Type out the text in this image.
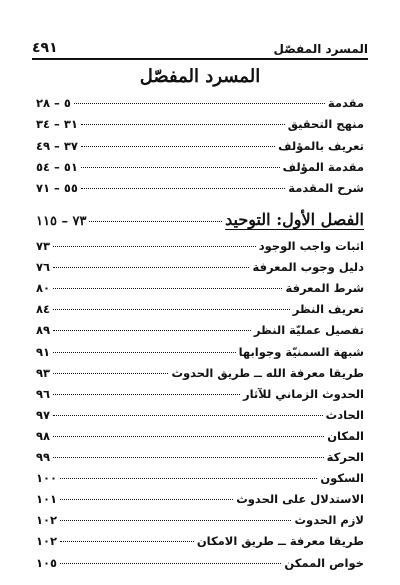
٤٩١	المسرد المفصّل
المسرد المفصّل
مقدمة
٥ – ٢٨
منهج التحقيق
٣١ – ٣٤
تعريف بالمؤلف
٣٧ – ٤٩
مقدمة المؤلف
٥١ – ٥٤
شرح المقدمة
٥٥ – ٧١
الفصل الأول: التوحيد
٧٣ – ١١٥
اثبات واجب الوجود
٧٣
دليل وجوب المعرفة
٧٦
شرط المعرفة
٨٠
تعريف النظر
٨٤
تفصيل عمليّة النظر
٨٩
شبهة السمنيّة وجوابها
٩١
طريقا معرفة الله ــ طريق الحدوث
٩٣
الحدوث الزماني للآثار
٩٦
الحادث
٩٧
المكان
٩٨
الحركة
٩٩
السكون
١٠٠
الاستدلال على الحدوث
١٠١
لازم الحدوث
١٠٢
طريقا معرفة ــ طريق الامكان
١٠٢
خواص الممكن
١٠٥
